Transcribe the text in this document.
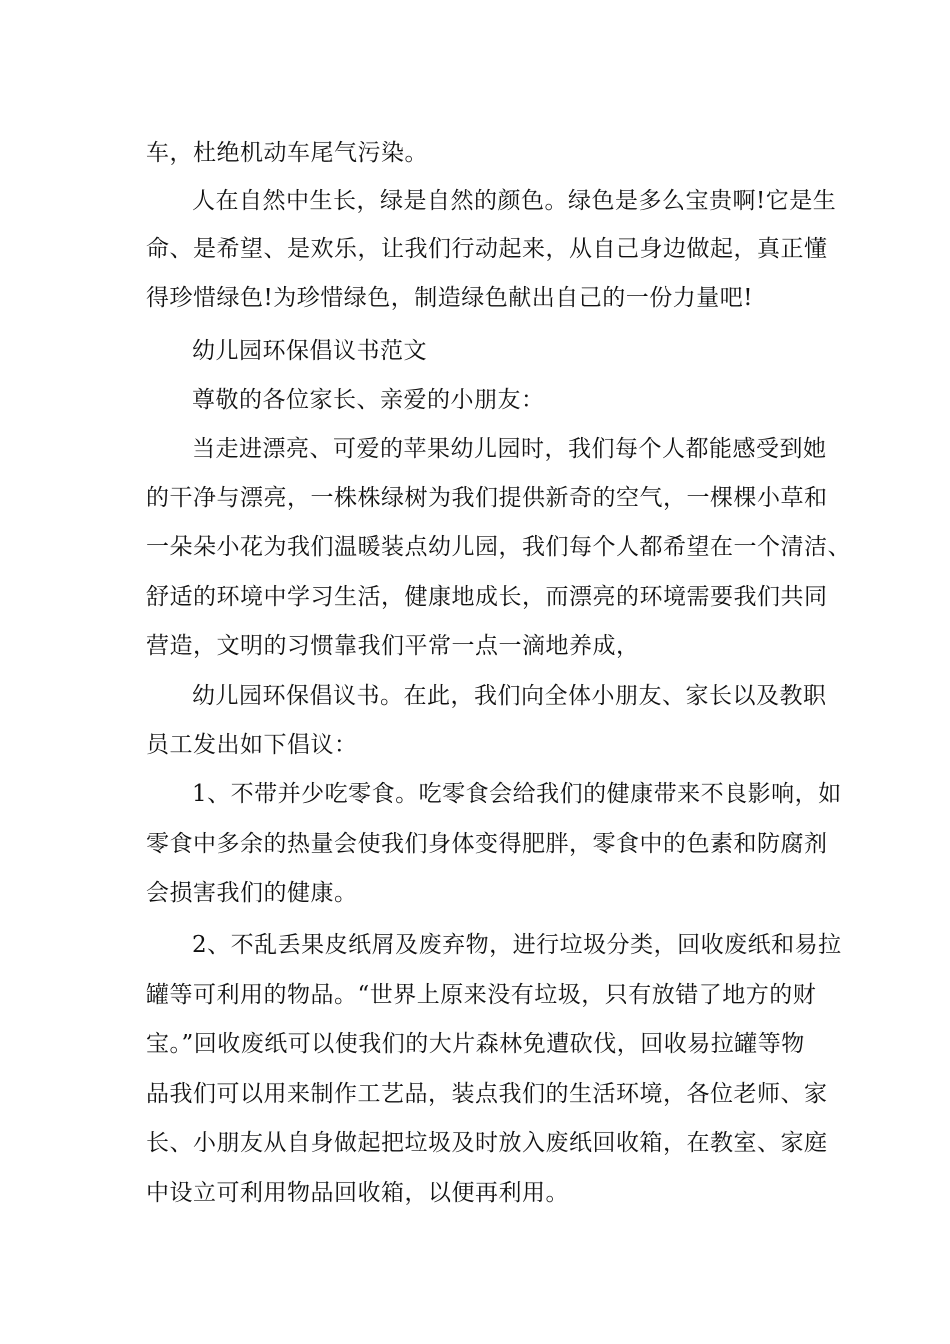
车，杜绝机动车尾气污染。

人在自然中生长，绿是自然的颜色。绿色是多么宝贵啊!它是生

命、是希望、是欢乐，让我们行动起来，从自己身边做起，真正懂

得珍惜绿色!为珍惜绿色，制造绿色献出自己的一份力量吧!

幼儿园环保倡议书范文

尊敬的各位家长、亲爱的小朋友：

当走进漂亮、可爱的苹果幼儿园时，我们每个人都能感受到她

的干净与漂亮，一株株绿树为我们提供新奇的空气，一棵棵小草和

一朵朵小花为我们温暖装点幼儿园，我们每个人都希望在一个清洁、

舒适的环境中学习生活，健康地成长，而漂亮的环境需要我们共同

营造，文明的习惯靠我们平常一点一滴地养成，

幼儿园环保倡议书。在此，我们向全体小朋友、家长以及教职

员工发出如下倡议：

1、不带并少吃零食。吃零食会给我们的健康带来不良影响，如

零食中多余的热量会使我们身体变得肥胖，零食中的色素和防腐剂

会损害我们的健康。

2、不乱丢果皮纸屑及废弃物，进行垃圾分类，回收废纸和易拉

罐等可利用的物品。“世界上原来没有垃圾，只有放错了地方的财

宝。”回收废纸可以使我们的大片森林免遭砍伐，回收易拉罐等物

品我们可以用来制作工艺品，装点我们的生活环境，各位老师、家

长、小朋友从自身做起把垃圾及时放入废纸回收箱，在教室、家庭

中设立可利用物品回收箱，以便再利用。
